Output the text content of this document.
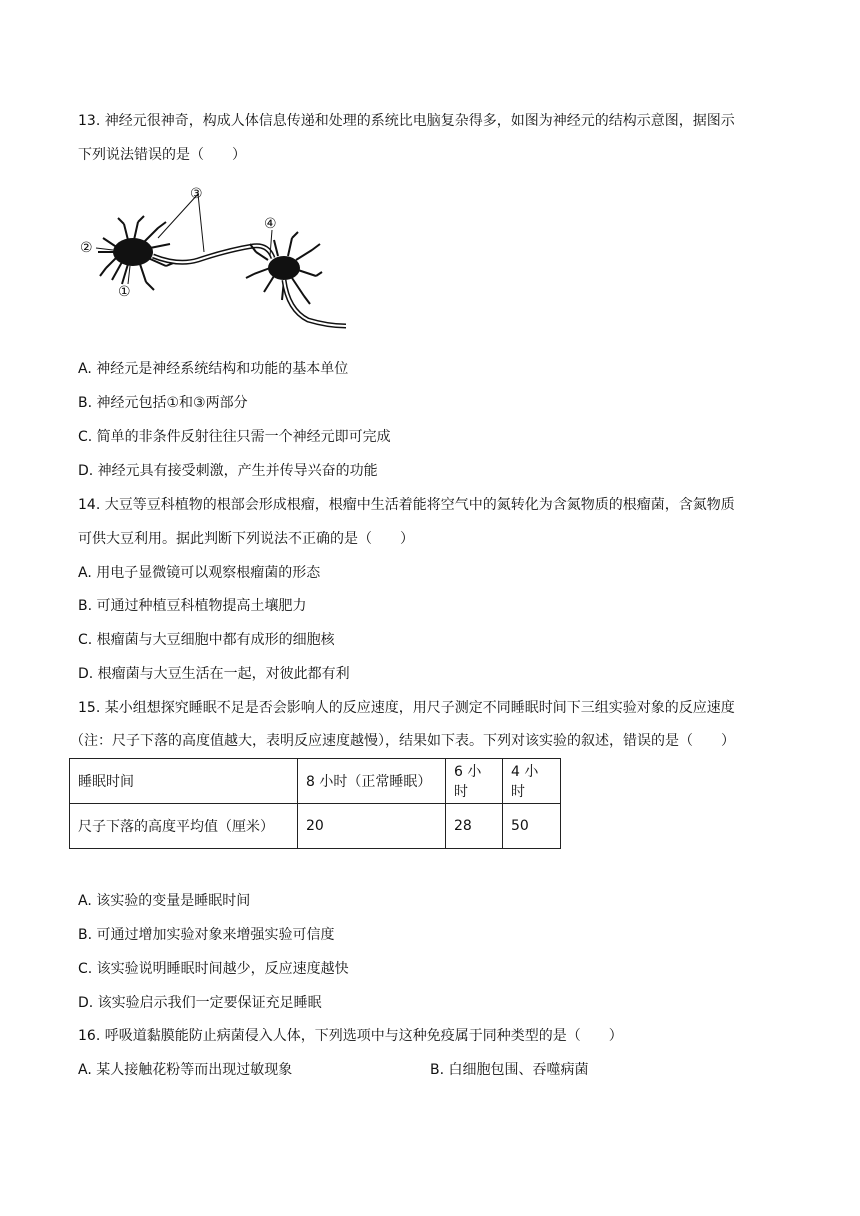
13. 神经元很神奇，构成人体信息传递和处理的系统比电脑复杂得多，如图为神经元的结构示意图，据图示
下列说法错误的是（　　）
③
②
①
④
A. 神经元是神经系统结构和功能的基本单位
B. 神经元包括①和③两部分
C. 简单的非条件反射往往只需一个神经元即可完成
D. 神经元具有接受刺激，产生并传导兴奋的功能
14. 大豆等豆科植物的根部会形成根瘤，根瘤中生活着能将空气中的氮转化为含氮物质的根瘤菌，含氮物质
可供大豆利用。据此判断下列说法不正确的是（　　）
A. 用电子显微镜可以观察根瘤菌的形态
B. 可通过种植豆科植物提高土壤肥力
C. 根瘤菌与大豆细胞中都有成形的细胞核
D. 根瘤菌与大豆生活在一起，对彼此都有利
15. 某小组想探究睡眠不足是否会影响人的反应速度，用尺子测定不同睡眠时间下三组实验对象的反应速度
（注：尺子下落的高度值越大，表明反应速度越慢），结果如下表。下列对该实验的叙述，错误的是（　　）
睡眠时间	8 小时（正常睡眠）	6 小时	4 小时
尺子下落的高度平均值（厘米）	20	28	50
A. 该实验的变量是睡眠时间
B. 可通过增加实验对象来增强实验可信度
C. 该实验说明睡眠时间越少，反应速度越快
D. 该实验启示我们一定要保证充足睡眠
16. 呼吸道黏膜能防止病菌侵入人体，下列选项中与这种免疫属于同种类型的是（　　）
A. 某人接触花粉等而出现过敏现象	B. 白细胞包围、吞噬病菌
